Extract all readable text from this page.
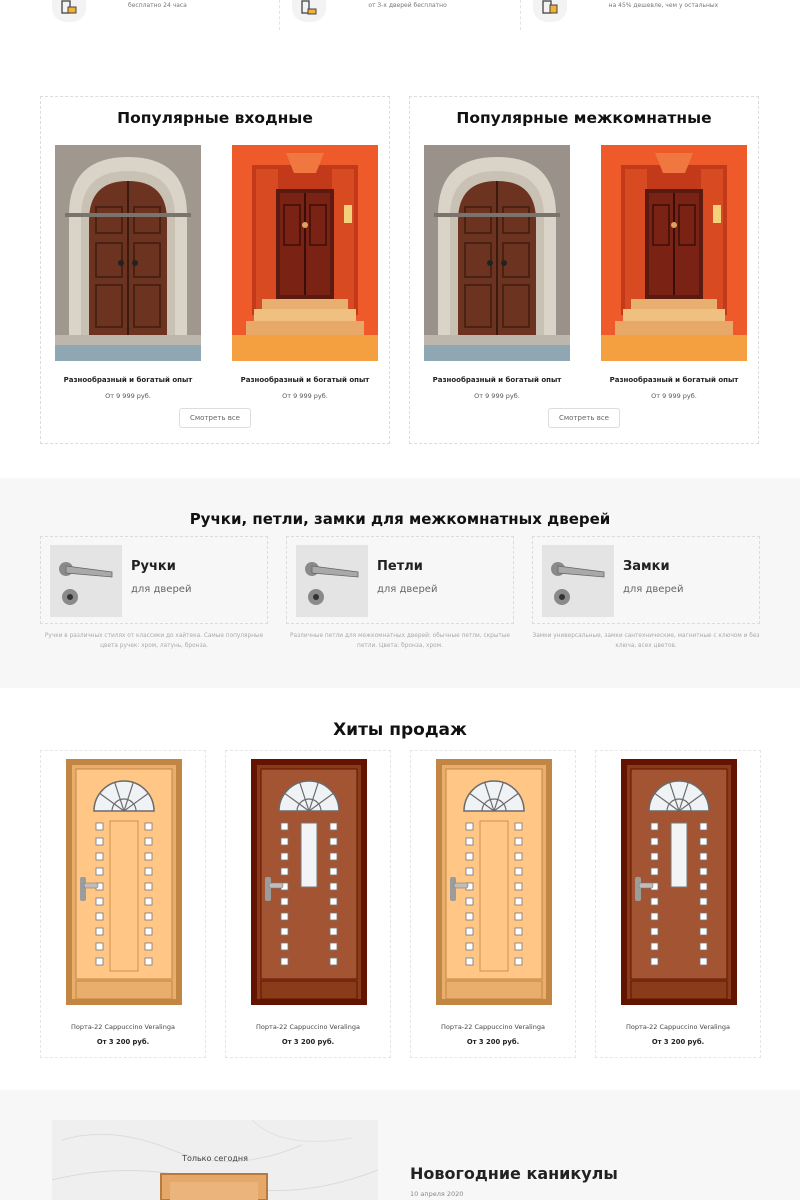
бесплатно 24 часа	от 3-х дверей бесплатно	на 45% дешевле, чем у остальных
Популярные входные
Разнообразный и богатый опыт
От 9 999 руб.
Разнообразный и богатый опыт
От 9 999 руб.
Смотреть все
Популярные межкомнатные
Разнообразный и богатый опыт
От 9 999 руб.
Разнообразный и богатый опыт
От 9 999 руб.
Смотреть все
Ручки, петли, замки для межкомнатных дверей
Ручки
для дверей
Ручки в различных стилях от классики до хайтека. Самые популярные цвета ручек: хром, латунь, бронза.
Петли
для дверей
Различные петли для межкомнатных дверей: обычные петли, скрытые петли. Цвета: бронза, хром.
Замки
для дверей
Замки универсальные, замки сантехнические, магнитные с ключом и без ключа, всех цветов.
Хиты продаж
Порта-22 Cappuccino Veralinga
От 3 200 руб.
Порта-22 Cappuccino Veralinga
От 3 200 руб.
Порта-22 Cappuccino Veralinga
От 3 200 руб.
Порта-22 Cappuccino Veralinga
От 3 200 руб.
Только сегодня
Новогодние каникулы
10 апреля 2020
